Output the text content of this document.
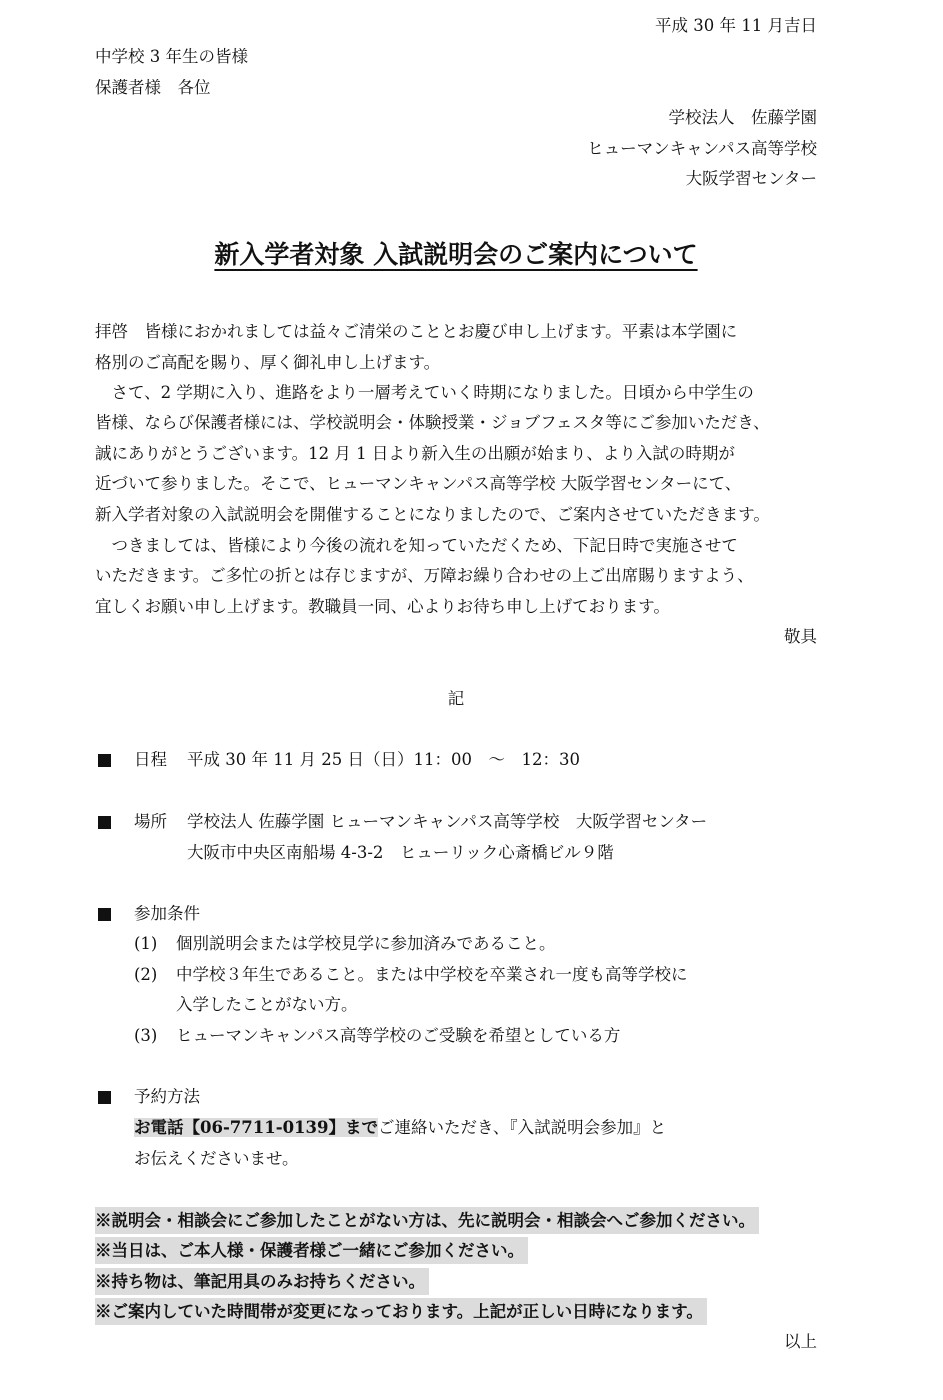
平成 30 年 11 月吉日
中学校 3 年生の皆様
保護者様　各位
学校法人　佐藤学園
ヒューマンキャンパス高等学校
大阪学習センター
新入学者対象 入試説明会のご案内について
拝啓　皆様におかれましては益々ご清栄のこととお慶び申し上げます。平素は本学園に
格別のご高配を賜り、厚く御礼申し上げます。
　さて、2 学期に入り、進路をより一層考えていく時期になりました。日頃から中学生の
皆様、ならび保護者様には、学校説明会・体験授業・ジョブフェスタ等にご参加いただき、
誠にありがとうございます。12 月 1 日より新入生の出願が始まり、より入試の時期が
近づいて参りました。そこで、ヒューマンキャンパス高等学校 大阪学習センターにて、
新入学者対象の入試説明会を開催することになりましたので、ご案内させていただきます。
　つきましては、皆様により今後の流れを知っていただくため、下記日時で実施させて
いただきます。ご多忙の折とは存じますが、万障お繰り合わせの上ご出席賜りますよう、
宜しくお願い申し上げます。教職員一同、心よりお待ち申し上げております。
敬具
記
日程 平成 30 年 11 月 25 日（日）11：00　～　12：30
場所 学校法人 佐藤学園 ヒューマンキャンパス高等学校　大阪学習センター
大阪市中央区南船場 4-3-2　ヒューリック心斎橋ビル９階
参加条件
(1) 個別説明会または学校見学に参加済みであること。
(2) 中学校３年生であること。または中学校を卒業され一度も高等学校に
入学したことがない方。
(3) ヒューマンキャンパス高等学校のご受験を希望としている方
予約方法
お電話【06-7711-0139】までご連絡いただき、『入試説明会参加』と
お伝えくださいませ。
※説明会・相談会にご参加したことがない方は、先に説明会・相談会へご参加ください。
※当日は、ご本人様・保護者様ご一緒にご参加ください。
※持ち物は、筆記用具のみお持ちください。
※ご案内していた時間帯が変更になっております。上記が正しい日時になります。
以上
